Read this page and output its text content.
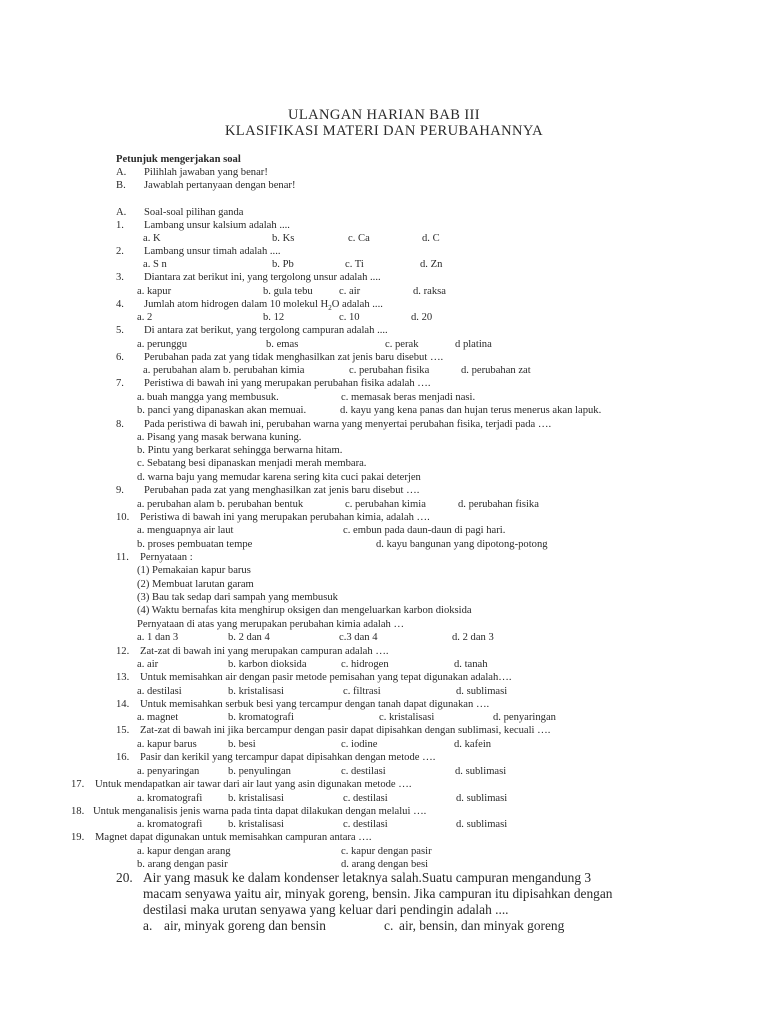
ULANGAN HARIAN BAB III
KLASIFIKASI MATERI DAN PERUBAHANNYA
Petunjuk mengerjakan soal
A. Pilihlah jawaban yang benar!
B. Jawablah pertanyaan dengan benar!
A. Soal-soal pilihan ganda
1. Lambang unsur kalsium adalah ....
a. K	b. Ks	c. Ca	d. C
2. Lambang unsur timah adalah ....
a. S n	b. Pb	c. Ti	d. Zn
3. Diantara zat berikut ini, yang tergolong unsur adalah ....
a. kapur	b. gula tebu c. air	d. raksa
4. Jumlah atom hidrogen dalam 10 molekul $H_2O$ adalah ....
a. 2	b. 12	c. 10	d. 20
5. Di antara zat berikut, yang tergolong campuran adalah ....
a. perunggu	b. emas	c. perak	d platina
6. Perubahan pada zat yang tidak menghasilkan zat jenis baru disebut ….
a. perubahan alam b. perubahan kimia	c. perubahan fisika	d. perubahan zat
7. Peristiwa di bawah ini yang merupakan perubahan fisika adalah ….
a. buah mangga yang membusuk.	c. memasak beras menjadi nasi.
b. panci yang dipanaskan akan memuai.	d. kayu yang kena panas dan hujan terus menerus akan lapuk.
8. Pada peristiwa di bawah ini, perubahan warna yang menyertai perubahan fisika, terjadi pada ….
a. Pisang yang masak berwana kuning.
b. Pintu yang berkarat sehingga berwarna hitam.
c. Sebatang besi dipanaskan menjadi merah membara.
d. warna baju yang memudar karena sering kita cuci pakai deterjen
9. Perubahan pada zat yang menghasilkan zat jenis baru disebut ….
a. perubahan alam b. perubahan bentuk	c. perubahan kimia	d. perubahan fisika
10. Peristiwa di bawah ini yang merupakan perubahan kimia, adalah ….
a. menguapnya air laut	c. embun pada daun-daun di pagi hari.
b. proses pembuatan tempe	d. kayu bangunan yang dipotong-potong
11. Pernyataan :
(1) Pemakaian kapur barus
(2) Membuat larutan garam
(3) Bau tak sedap dari sampah yang membusuk
(4) Waktu bernafas kita menghirup oksigen dan mengeluarkan karbon dioksida
Pernyataan di atas yang merupakan perubahan kimia adalah …
a. 1 dan 3	b. 2 dan 4	c.3 dan 4	d. 2 dan 3
12. Zat-zat di bawah ini yang merupakan campuran adalah ….
a. air	b. karbon dioksida	c. hidrogen	d. tanah
13. Untuk memisahkan air dengan pasir metode pemisahan yang tepat digunakan adalah….
a. destilasi	b. kristalisasi	c. filtrasi	d. sublimasi
14. Untuk memisahkan serbuk besi yang tercampur dengan tanah dapat digunakan ….
a. magnet	b. kromatografi	c. kristalisasi	d. penyaringan
15. Zat-zat di bawah ini jika bercampur dengan pasir dapat dipisahkan dengan sublimasi, kecuali ….
a. kapur barus	b. besi	c. iodine	d. kafein
16. Pasir dan kerikil yang tercampur dapat dipisahkan dengan metode ….
a. penyaringan	b. penyulingan	c. destilasi	d. sublimasi
17. Untuk mendapatkan air tawar dari air laut yang asin digunakan metode ….
a. kromatografi b. kristalisasi	c. destilasi	d. sublimasi
18. Untuk menganalisis jenis warna pada tinta dapat dilakukan dengan melalui ….
a. kromatografi b. kristalisasi	c. destilasi	d. sublimasi
19. Magnet dapat digunakan untuk memisahkan campuran antara ….
a. kapur dengan arang	c. kapur dengan pasir
b. arang dengan pasir	d. arang dengan besi
20. Air yang masuk ke dalam kondenser letaknya salah.Suatu campuran mengandung 3
macam senyawa yaitu air, minyak goreng, bensin. Jika campuran itu dipisahkan dengan
destilasi maka urutan senyawa yang keluar dari pendingin adalah ....
a. air, minyak goreng dan bensin	c. air, bensin, dan minyak goreng
